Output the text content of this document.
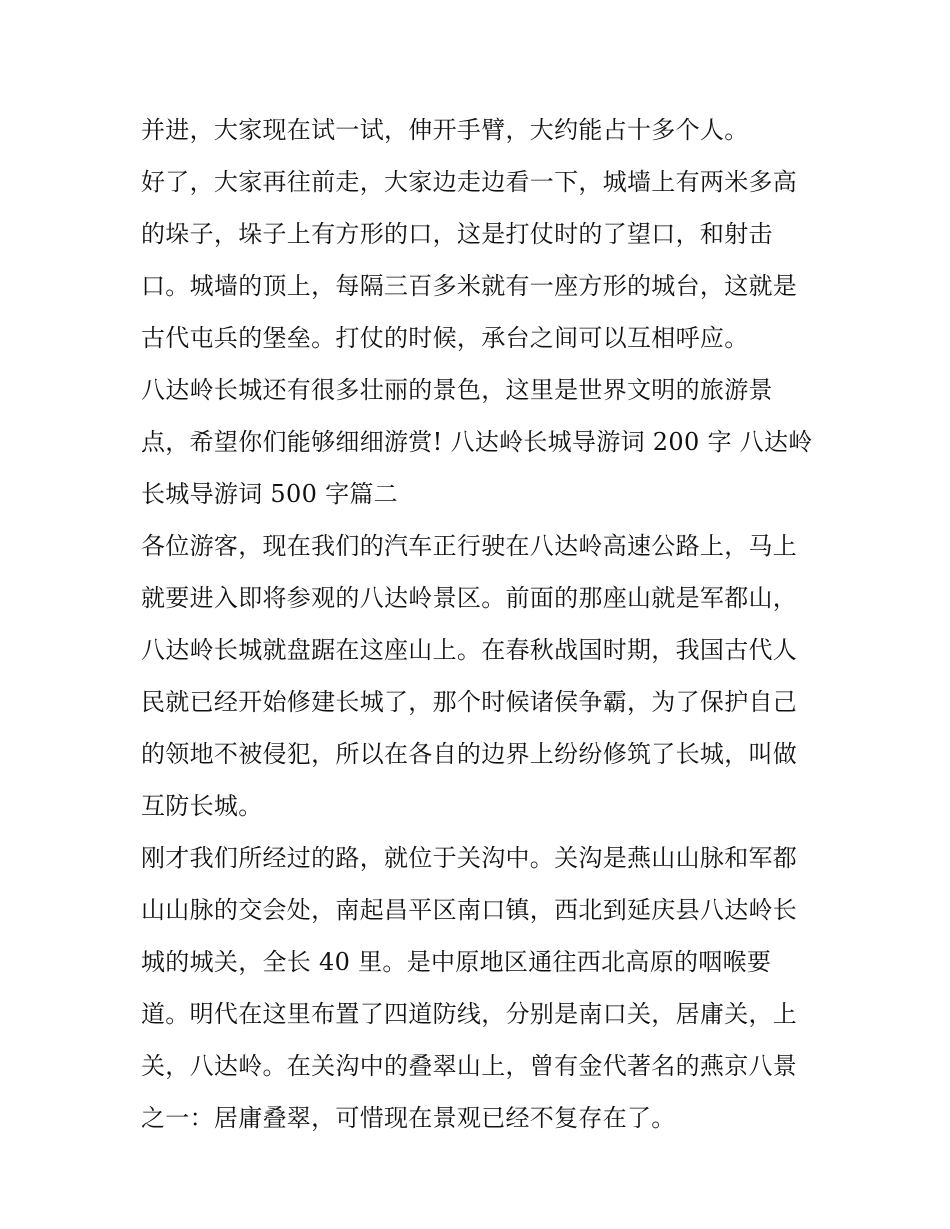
并进，大家现在试一试，伸开手臂，大约能占十多个人。
好了，大家再往前走，大家边走边看一下，城墙上有两米多高
的垛子，垛子上有方形的口，这是打仗时的了望口，和射击
口。城墙的顶上，每隔三百多米就有一座方形的城台，这就是
古代屯兵的堡垒。打仗的时候，承台之间可以互相呼应。
八达岭长城还有很多壮丽的景色，这里是世界文明的旅游景
点，希望你们能够细细游赏! 八达岭长城导游词 200 字 八达岭
长城导游词 500 字篇二
各位游客，现在我们的汽车正行驶在八达岭高速公路上，马上
就要进入即将参观的八达岭景区。前面的那座山就是军都山，
八达岭长城就盘踞在这座山上。在春秋战国时期，我国古代人
民就已经开始修建长城了，那个时候诸侯争霸，为了保护自己
的领地不被侵犯，所以在各自的边界上纷纷修筑了长城，叫做
互防长城。
刚才我们所经过的路，就位于关沟中。关沟是燕山山脉和军都
山山脉的交会处，南起昌平区南口镇，西北到延庆县八达岭长
城的城关，全长 40 里。是中原地区通往西北高原的咽喉要
道。明代在这里布置了四道防线，分别是南口关，居庸关，上
关，八达岭。在关沟中的叠翠山上，曾有金代著名的燕京八景
之一：居庸叠翠，可惜现在景观已经不复存在了。
